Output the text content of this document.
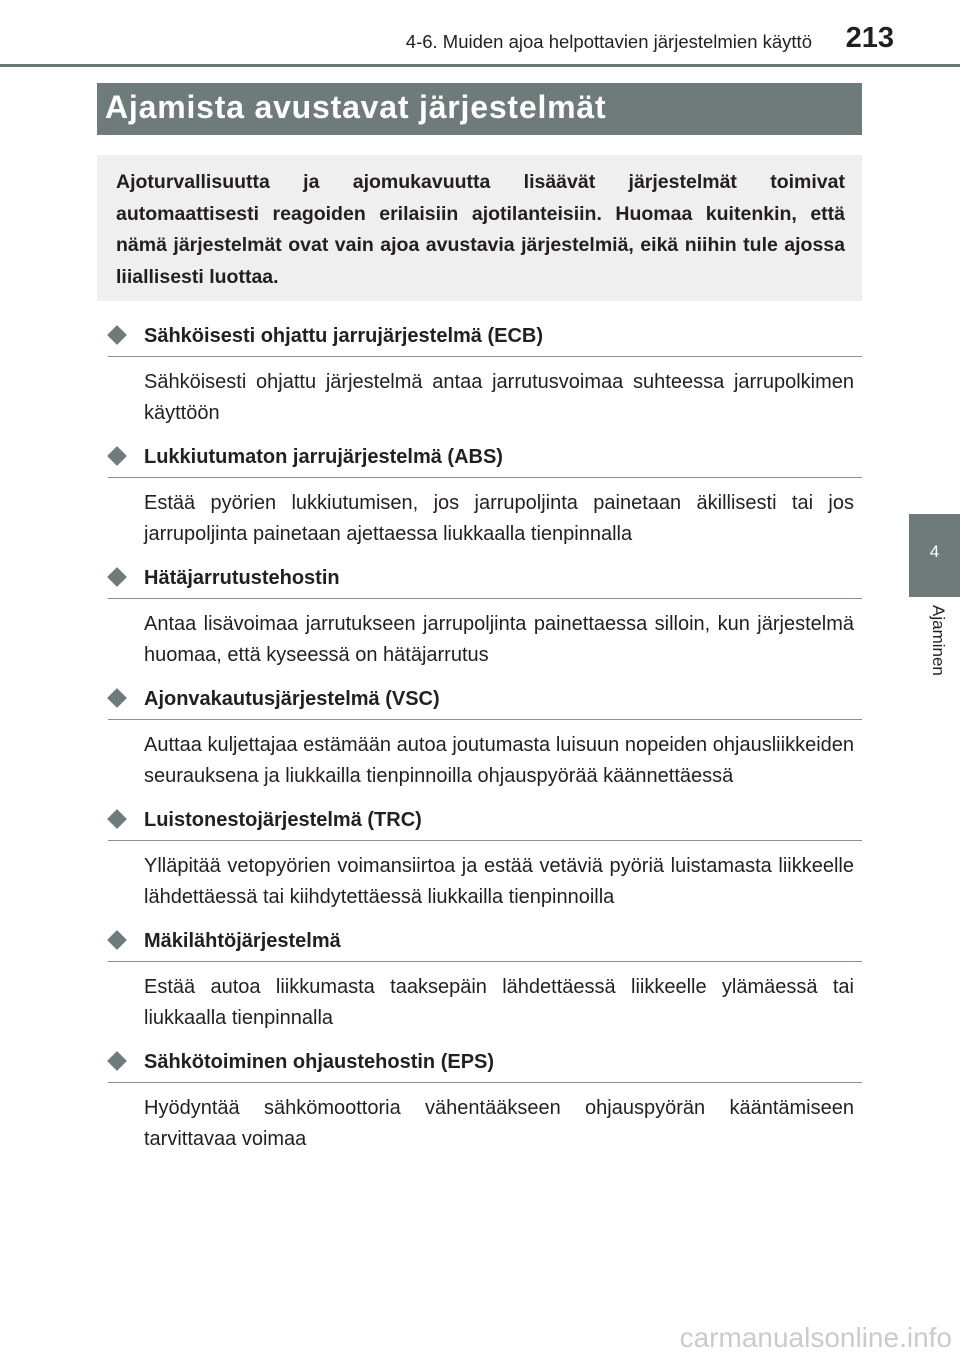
4-6. Muiden ajoa helpottavien järjestelmien käyttö 213
Ajamista avustavat järjestelmät
Ajoturvallisuutta ja ajomukavuutta lisäävät järjestelmät toimivat automaattisesti reagoiden erilaisiin ajotilanteisiin. Huomaa kuitenkin, että nämä järjestelmät ovat vain ajoa avustavia järjestelmiä, eikä niihin tule ajossa liiallisesti luottaa.
Sähköisesti ohjattu jarrujärjestelmä (ECB)
Sähköisesti ohjattu järjestelmä antaa jarrutusvoimaa suhteessa jarrupolkimen käyttöön
Lukkiutumaton jarrujärjestelmä (ABS)
Estää pyörien lukkiutumisen, jos jarrupoljinta painetaan äkillisesti tai jos jarrupoljinta painetaan ajettaessa liukkaalla tienpinnalla
Hätäjarrutustehostin
Antaa lisävoimaa jarrutukseen jarrupoljinta painettaessa silloin, kun järjestelmä huomaa, että kyseessä on hätäjarrutus
Ajonvakautusjärjestelmä (VSC)
Auttaa kuljettajaa estämään autoa joutumasta luisuun nopeiden ohjausliikkeiden seurauksena ja liukkailla tienpinnoilla ohjauspyörää käännettäessä
Luistonestojärjestelmä (TRC)
Ylläpitää vetopyörien voimansiirtoa ja estää vetäviä pyöriä luistamasta liikkeelle lähdettäessä tai kiihdytettäessä liukkailla tienpinnoilla
Mäkilähtöjärjestelmä
Estää autoa liikkumasta taaksepäin lähdettäessä liikkeelle ylämäessä tai liukkaalla tienpinnalla
Sähkötoiminen ohjaustehostin (EPS)
Hyödyntää sähkömoottoria vähentääkseen ohjauspyörän kääntämiseen tarvittavaa voimaa
4
Ajaminen
carmanualsonline.info
